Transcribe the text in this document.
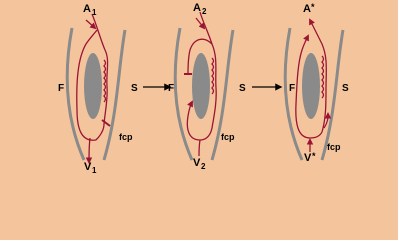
A 1
F	S
fcp
V 1
A 2
F	S
fcp
V 2
A *
F	S
fcp
V *
